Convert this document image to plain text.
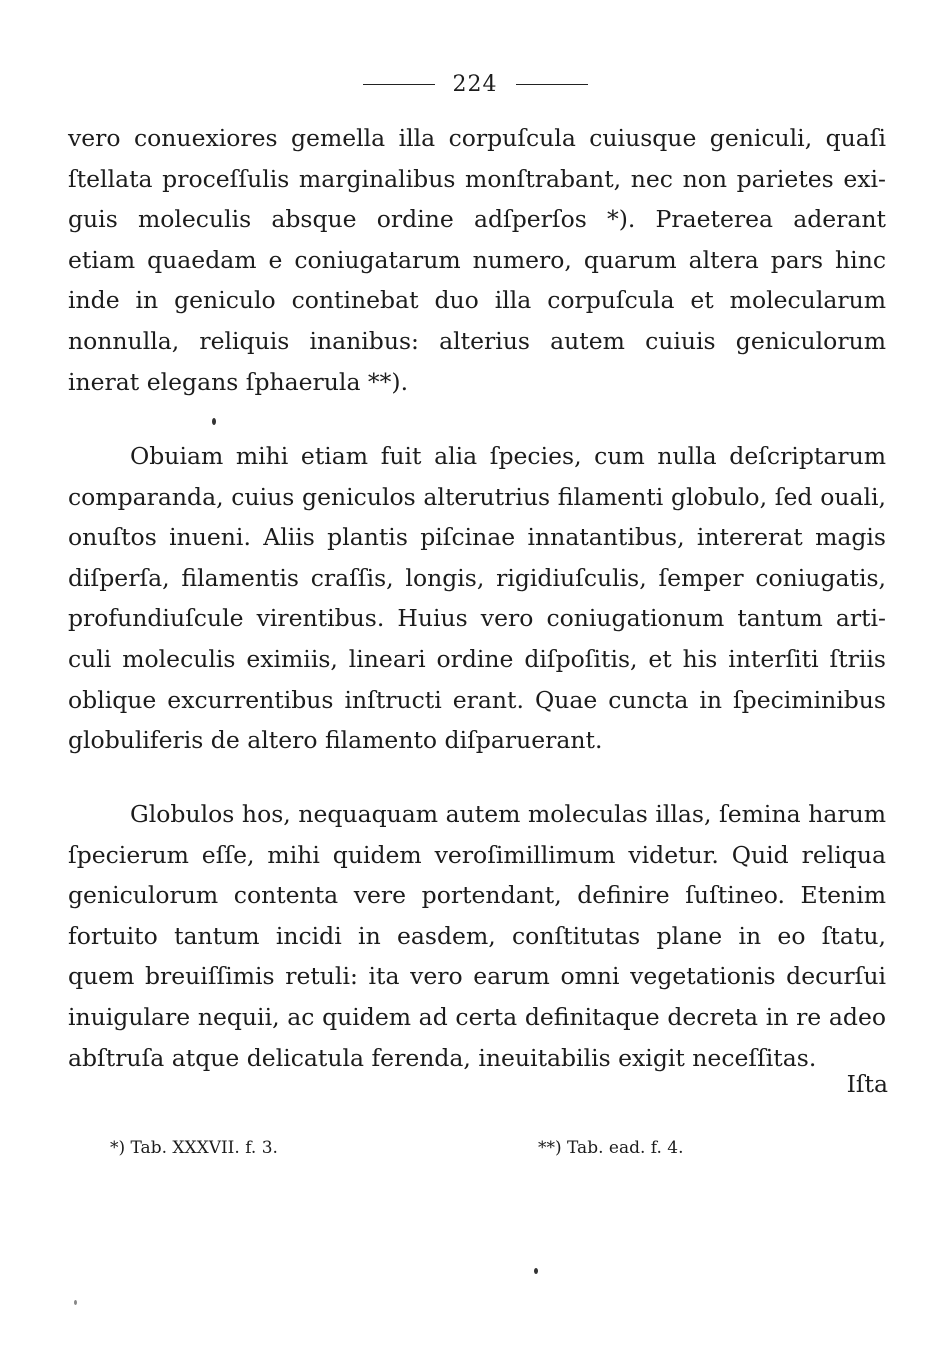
224
vero conuexiores gemella illa corpuſcula cuiusque geniculi, quaſi
ſtellata proceſſulis marginalibus monſtrabant, nec non parietes exi-
guis moleculis absque ordine adſperſos *). Praeterea aderant
etiam quaedam e coniugatarum numero, quarum altera pars hinc
inde in geniculo continebat duo illa corpuſcula et molecularum
nonnulla, reliquis inanibus: alterius autem cuiuis geniculorum
inerat elegans ſphaerula **).
Obuiam mihi etiam fuit alia ſpecies, cum nulla deſcriptarum
comparanda, cuius geniculos alterutrius filamenti globulo, ſed ouali,
onuſtos inueni. Aliis plantis piſcinae innatantibus, intererat magis
diſperſa, filamentis craſſis, longis, rigidiuſculis, ſemper coniugatis,
profundiuſcule virentibus. Huius vero coniugationum tantum arti-
culi moleculis eximiis, lineari ordine diſpoſitis, et his interſiti ſtriis
oblique excurrentibus inſtructi erant. Quae cuncta in ſpeciminibus
globuliferis de altero filamento diſparuerant.
Globulos hos, nequaquam autem moleculas illas, ſemina harum
ſpecierum eſſe, mihi quidem veroſimillimum videtur. Quid reliqua
geniculorum contenta vere portendant, definire ſuſtineo. Etenim
fortuito tantum incidi in easdem, conſtitutas plane in eo ſtatu,
quem breuiſſimis retuli: ita vero earum omni vegetationis decurſui
inuigulare nequii, ac quidem ad certa definitaque decreta in re adeo
abſtruſa atque delicatula ferenda, ineuitabilis exigit neceſſitas.
Iſta
*) Tab. XXXVII. f. 3.	**) Tab. ead. f. 4.
